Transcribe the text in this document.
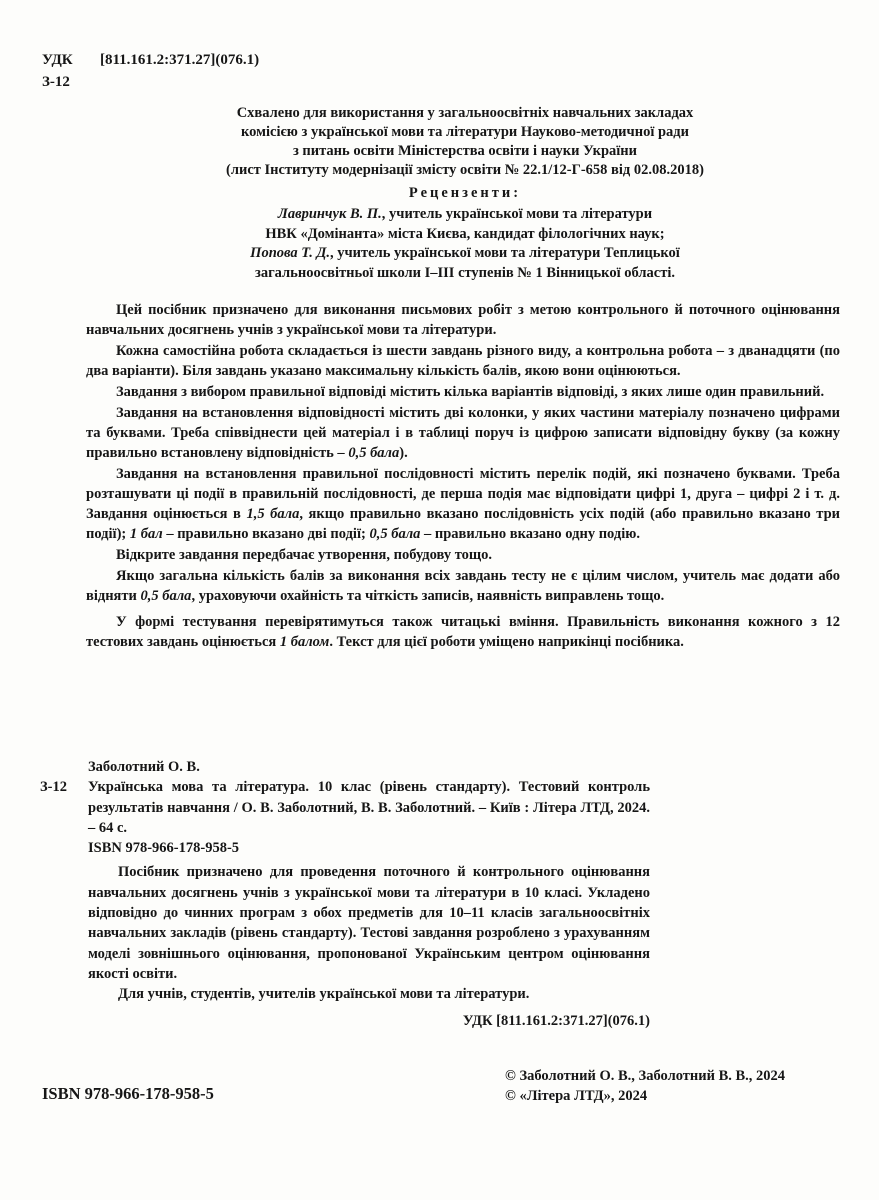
УДК [811.161.2:371.27](076.1)
З-12
Схвалено для використання у загальноосвітніх навчальних закладах
комісією з української мови та літератури Науково-методичної ради
з питань освіти Міністерства освіти і науки України
(лист Інституту модернізації змісту освіти № 22.1/12-Г-658 від 02.08.2018)
Рецензенти:
Лавринчук В. П., учитель української мови та літератури
НВК «Домінанта» міста Києва, кандидат філологічних наук;
Попова Т. Д., учитель української мови та літератури Теплицької
загальноосвітньої школи І–ІІІ ступенів № 1 Вінницької області.

Цей посібник призначено для виконання письмових робіт з метою контрольного й поточного оцінювання навчальних досягнень учнів з української мови та літератури.

Кожна самостійна робота складається із шести завдань різного виду, а контрольна робота – з дванадцяти (по два варіанти). Біля завдань указано максимальну кількість балів, якою вони оцінюються.

Завдання з вибором правильної відповіді містить кілька варіантів відповіді, з яких лише один правильний.

Завдання на встановлення відповідності містить дві колонки, у яких частини матеріалу позначено цифрами та буквами. Треба співвіднести цей матеріал і в таблиці поруч із цифрою записати відповідну букву (за кожну правильно встановлену відповідність – 0,5 бала).

Завдання на встановлення правильної послідовності містить перелік подій, які позначено буквами. Треба розташувати ці події в правильній послідовності, де перша подія має відповідати цифрі 1, друга – цифрі 2 і т. д. Завдання оцінюється в 1,5 бала, якщо правильно вказано послідовність усіх подій (або правильно вказано три події); 1 бал – правильно вказано дві події; 0,5 бала – правильно вказано одну подію.

Відкрите завдання передбачає утворення, побудову тощо.

Якщо загальна кількість балів за виконання всіх завдань тесту не є цілим числом, учитель має додати або відняти 0,5 бала, ураховуючи охайність та чіткість записів, наявність виправлень тощо.

У формі тестування перевірятимуться також читацькі вміння. Правильність виконання кожного з 12 тестових завдань оцінюється 1 балом. Текст для цієї роботи уміщено наприкінці посібника.

Заболотний О. В.
З-12 Українська мова та література. 10 клас (рівень стандарту). Тестовий контроль результатів навчання / О. В. Заболотний, В. В. Заболотний. – Київ : Літера ЛТД, 2024. – 64 с.
ISBN 978-966-178-958-5

Посібник призначено для проведення поточного й контрольного оцінювання навчальних досягнень учнів з української мови та літератури в 10 класі. Укладено відповідно до чинних програм з обох предметів для 10–11 класів загальноосвітніх навчальних закладів (рівень стандарту). Тестові завдання розроблено з урахуванням моделі зовнішнього оцінювання, пропонованої Українським центром оцінювання якості освіти.

Для учнів, студентів, учителів української мови та літератури.

УДК [811.161.2:371.27](076.1)
ISBN 978-966-178-958-5
© Заболотний О. В., Заболотний В. В., 2024
© «Літера ЛТД», 2024
